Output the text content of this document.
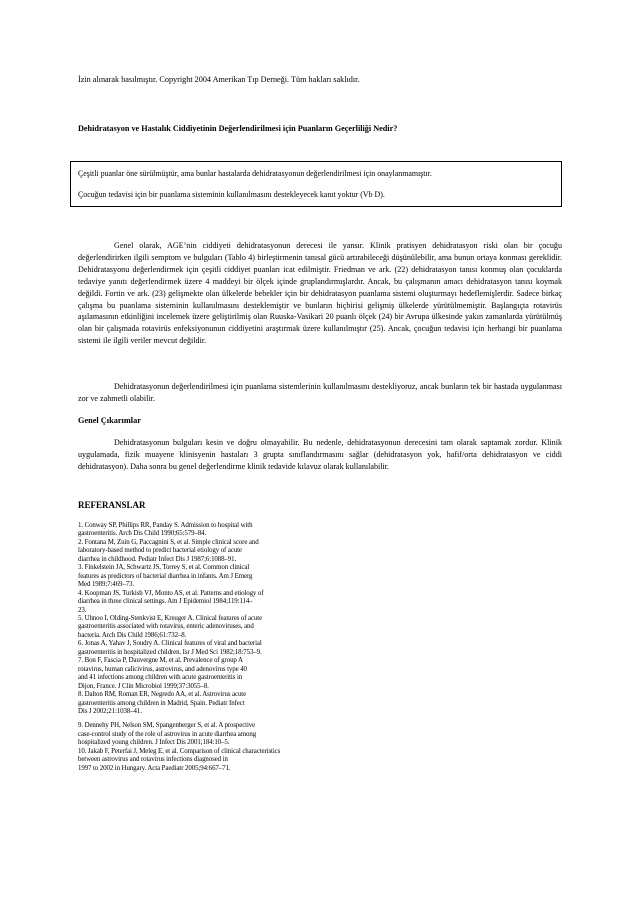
İzin alınarak basılmıştır. Copyright 2004 Amerikan Tıp Derneği. Tüm hakları saklıdır.
Dehidratasyon ve Hastalık Ciddiyetinin Değerlendirilmesi için Puanların Geçerliliği Nedir?

Çeşitli puanlar öne sürülmüştür, ama bunlar hastalarda dehidratasyonun değerlendirilmesi için onaylanmamıştır.

Çocuğun tedavisi için bir puanlama sisteminin kullanılmasını destekleyecek kanıt yoktur (Vb D).

Genel olarak, AGE’nin ciddiyeti dehidratasyonun derecesi ile yansır. Klinik pratisyen dehidratasyon riski olan bir çocuğu değerlendirirken ilgili semptom ve bulguları (Tablo 4) birleştirmenin tanısal gücü artırabileceği düşünülebilir, ama bunun ortaya konması gereklidir. Dehidratasyonu değerlendirmek için çeşitli ciddiyet puanları icat edilmiştir. Friedman ve ark. (22) dehidratasyon tanısı konmuş olan çocuklarda tedaviye yanıtı değerlendirmek üzere 4 maddeyi bir ölçek içinde gruplandırmışlardır. Ancak, bu çalışmanın amacı dehidratasyon tanısı koymak değildi. Fortin ve ark. (23) gelişmekte olan ülkelerde bebekler için bir dehidratasyon puanlama sistemi oluşturmayı hedeflemişlerdir. Sadece birkaç çalışma bu puanlama sisteminin kullanılmasını desteklemiştir ve bunların hiçbirisi gelişmiş ülkelerde yürütülmemiştir. Başlangıçta rotavirüs aşılamasının etkinliğini incelemek üzere geliştirilmiş olan Ruuska-Vasikari 20 puanlı ölçek (24) bir Avrupa ülkesinde yakın zamanlarda yürütülmüş olan bir çalışmada rotavirüs enfeksiyonunun ciddiyetini araştırmak üzere kullanılmıştır (25). Ancak, çocuğun tedavisi için herhangi bir puanlama sistemi ile ilgili veriler mevcut değildir.

Dehidratasyonun değerlendirilmesi için puanlama sistemlerinin kullanılmasını destekliyoruz, ancak bunların tek bir hastada uygulanması zor ve zahmetli olabilir.

Genel Çıkarımlar

Dehidratasyonun bulguları kesin ve doğru olmayabilir. Bu nedenle, dehidratasyonun derecesini tam olarak saptamak zordur. Klinik uygulamada, fizik muayene klinisyenin hastaları 3 grupta sınıflandırmasını sağlar (dehidratasyon yok, hafif/orta dehidratasyon ve ciddi dehidratasyon). Daha sonra bu genel değerlendirme klinik tedavide kılavuz olarak kullanılabilir.

REFERANSLAR

1. Conway SP, Phillips RR, Panday S. Admission to hospital with

gastroenteritis. Arch Dis Child 1990;65:579–84.

2. Fontana M, Zuin G, Paccagnini S, et al. Simple clinical score and

laboratory-based method to predict bacterial etiology of acute

diarrhea in childhood. Pediatr Infect Dis J 1987;6:1088–91.

3. Finkelstein JA, Schwartz JS, Torrey S, et al. Common clinical

features as predictors of bacterial diarrhea in infants. Am J Emerg

Med 1989;7:469–73.

4. Koopman JS, Turkish VJ, Monto AS, et al. Patterns and etiology of

diarrhea in three clinical settings. Am J Epidemiol 1984;119:114–

23.

5. Uhnoo I, Olding-Stenkvist E, Kreuger A. Clinical features of acute

gastroenteritis associated with rotavirus, enteric adenoviruses, and

bacteria. Arch Dis Child 1986;61:732–8.

6. Jonas A, Yahav J, Soudry A. Clinical features of viral and bacterial

gastroenteritis in hospitalized children. Isr J Med Sci 1982;18:753–9.

7. Bon F, Fascia P, Dauvergne M, et al. Prevalence of group A

rotavirus, human calicivirus, astrovirus, and adenovirus type 40

and 41 infections among children with acute gastroenteritis in

Dijon, France. J Clin Microbiol 1999;37:3055–8.

8. Dalton RM, Roman ER, Negredo AA, et al. Astrovirus acute

gastroenteritis among children in Madrid, Spain. Pediatr Infect

Dis J 2002;21:1038–41.

9. Dennehy PH, Nelson SM, Spangenberger S, et al. A prospective

case-control study of the role of astrovirus in acute diarrhea among

hospitalized young children. J Infect Dis 2001;184:10–5.

10. Jakab F, Peterfai J, Meleg E, et al. Comparison of clinical characteristics

between astrovirus and rotavirus infections diagnosed in

1997 to 2002 in Hungary. Acta Paediatr 2005;94:667–71.
